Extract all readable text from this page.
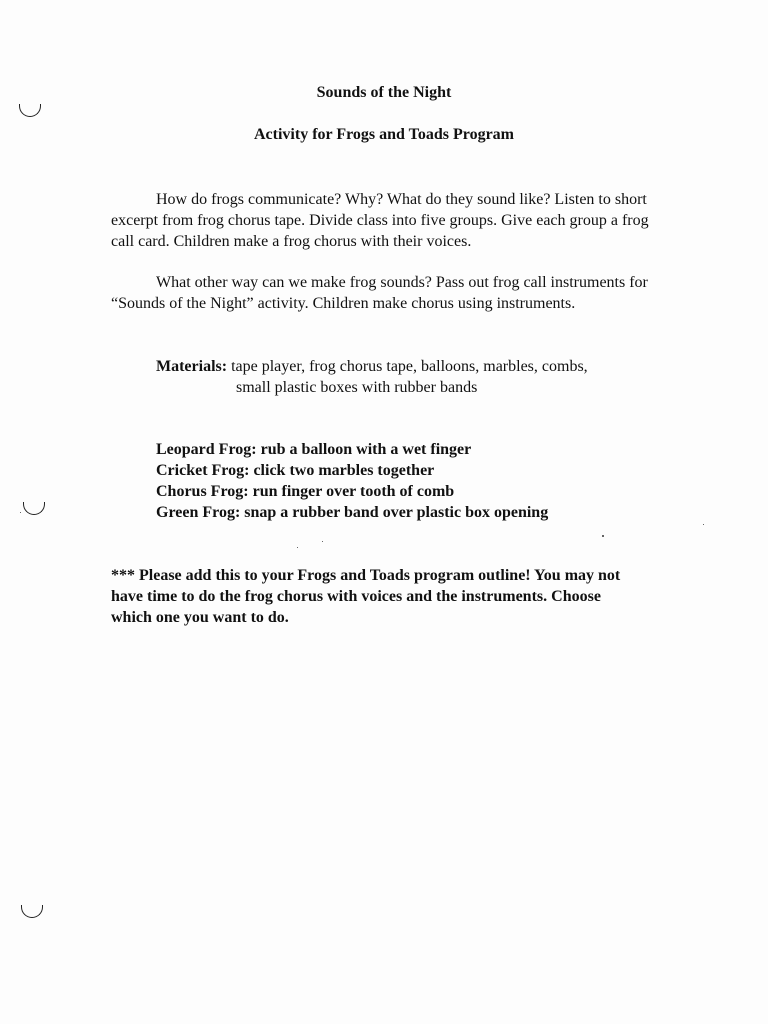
Sounds of the Night
Activity for Frogs and Toads Program

How do frogs communicate? Why? What do they sound like? Listen to short excerpt from frog chorus tape. Divide class into five groups. Give each group a frog call card. Children make a frog chorus with their voices.

What other way can we make frog sounds? Pass out frog call instruments for “Sounds of the Night” activity. Children make chorus using instruments.

Materials: tape player, frog chorus tape, balloons, marbles, combs,
small plastic boxes with rubber bands
Leopard Frog: rub a balloon with a wet finger
Cricket Frog: click two marbles together
Chorus Frog: run finger over tooth of comb
Green Frog: snap a rubber band over plastic box opening
*** Please add this to your Frogs and Toads program outline! You may not have time to do the frog chorus with voices and the instruments. Choose which one you want to do.
